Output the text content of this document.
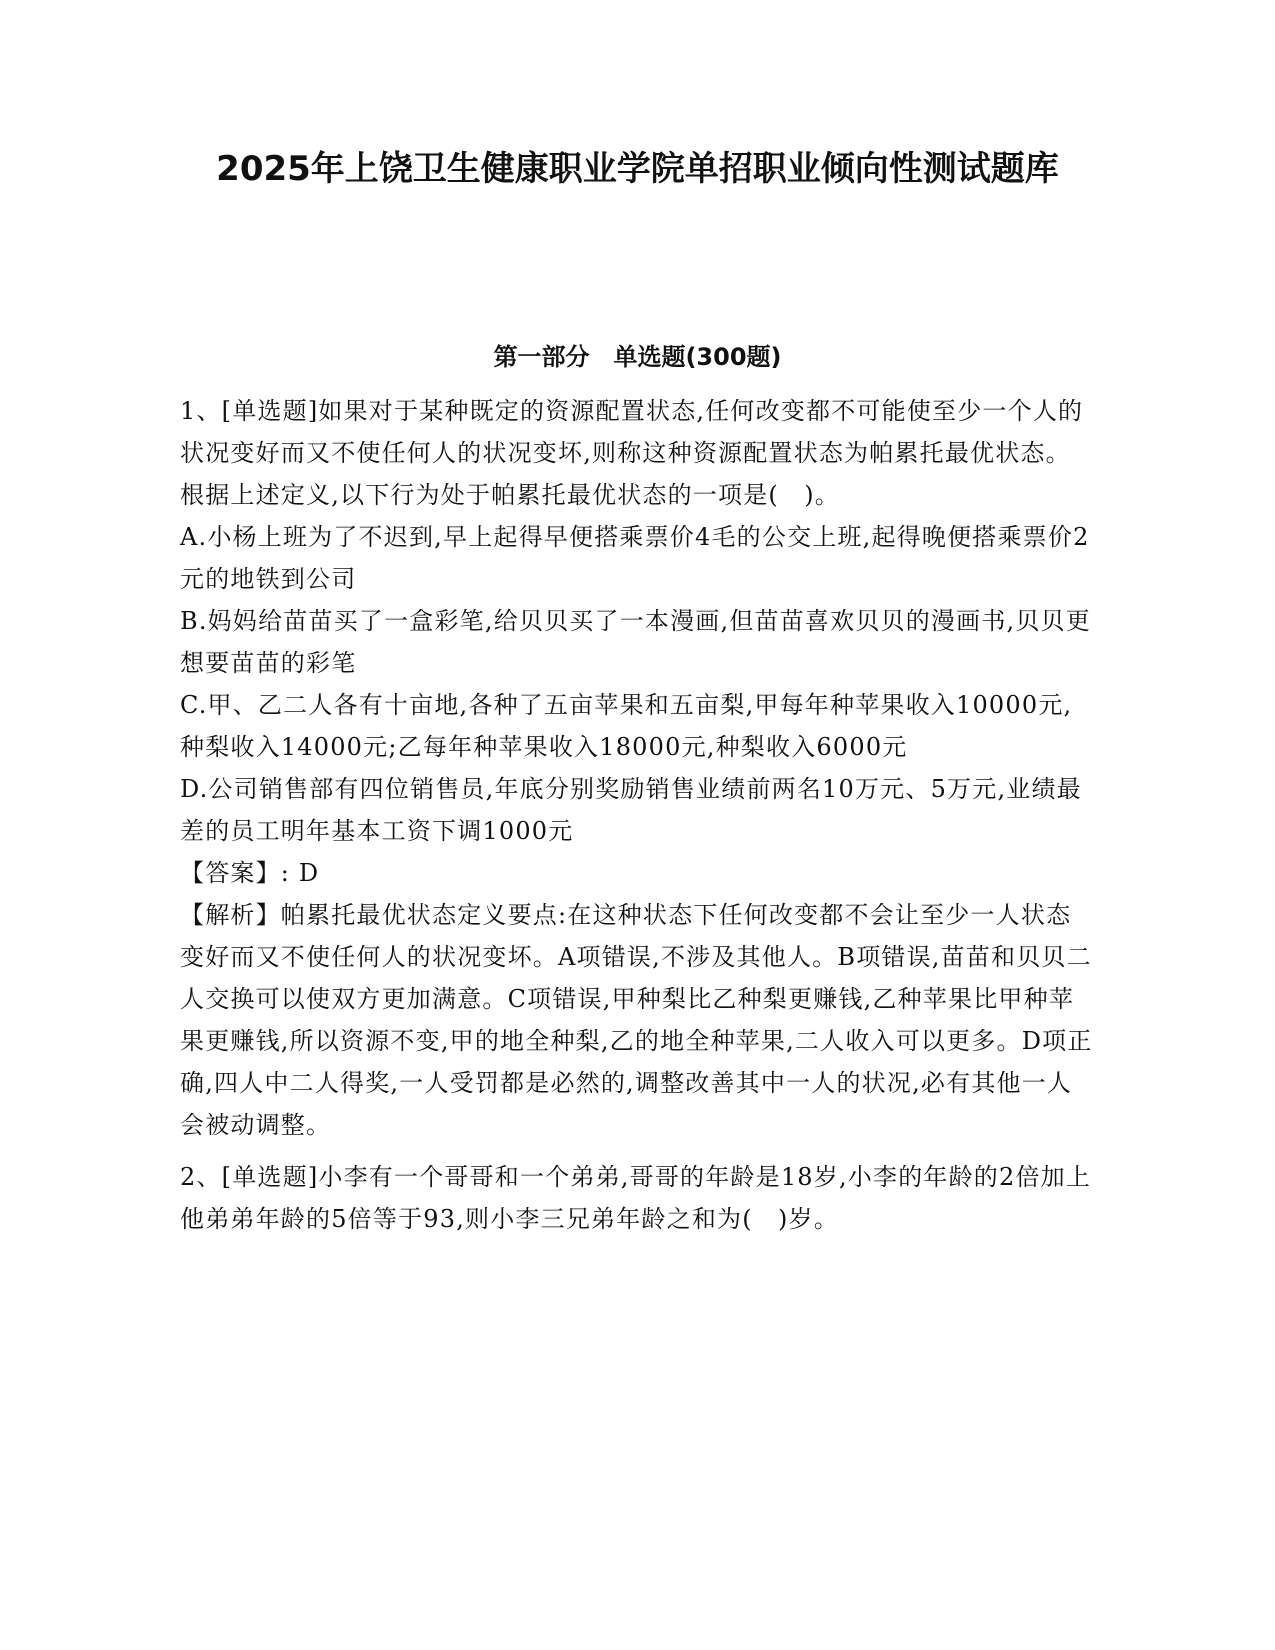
2025年上饶卫生健康职业学院单招职业倾向性测试题库
第一部分　单选题(300题)

1、[单选题]如果对于某种既定的资源配置状态,任何改变都不可能使至少一个人的状况变好而又不使任何人的状况变坏,则称这种资源配置状态为帕累托最优状态。根据上述定义,以下行为处于帕累托最优状态的一项是(　)。

A.小杨上班为了不迟到,早上起得早便搭乘票价4毛的公交上班,起得晚便搭乘票价2元的地铁到公司

B.妈妈给苗苗买了一盒彩笔,给贝贝买了一本漫画,但苗苗喜欢贝贝的漫画书,贝贝更想要苗苗的彩笔

C.甲、乙二人各有十亩地,各种了五亩苹果和五亩梨,甲每年种苹果收入10000元,种梨收入14000元;乙每年种苹果收入18000元,种梨收入6000元

D.公司销售部有四位销售员,年底分别奖励销售业绩前两名10万元、5万元,业绩最差的员工明年基本工资下调1000元

【答案】: D

【解析】帕累托最优状态定义要点:在这种状态下任何改变都不会让至少一人状态变好而又不使任何人的状况变坏。A项错误,不涉及其他人。B项错误,苗苗和贝贝二人交换可以使双方更加满意。C项错误,甲种梨比乙种梨更赚钱,乙种苹果比甲种苹果更赚钱,所以资源不变,甲的地全种梨,乙的地全种苹果,二人收入可以更多。D项正确,四人中二人得奖,一人受罚都是必然的,调整改善其中一人的状况,必有其他一人会被动调整。

2、[单选题]小李有一个哥哥和一个弟弟,哥哥的年龄是18岁,小李的年龄的2倍加上他弟弟年龄的5倍等于93,则小李三兄弟年龄之和为(　)岁。
